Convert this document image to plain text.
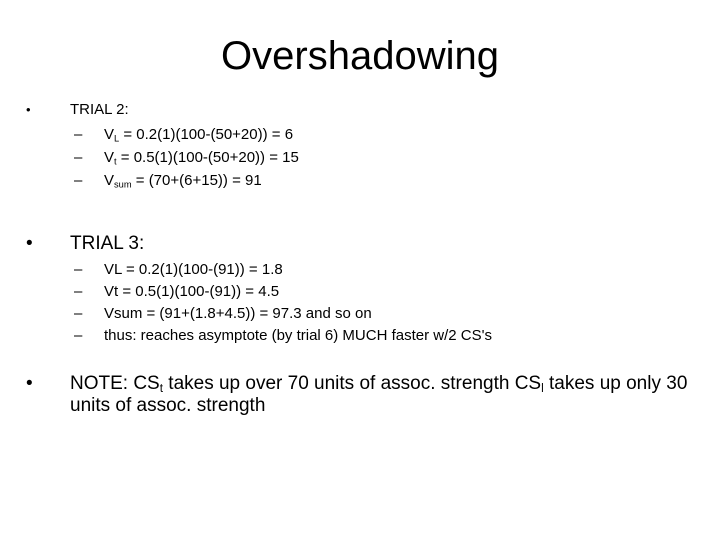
Overshadowing
•	TRIAL 2:
– $V_L = 0.2(1)(100-(50+20)) = 6$
– $V_t = 0.5(1)(100-(50+20)) = 15$
– $V_{sum} = (70+(6+15)) = 91$
• TRIAL 3:
– VL = 0.2(1)(100-(91)) = 1.8
– Vt = 0.5(1)(100-(91)) = 4.5
– Vsum = (91+(1.8+4.5)) = 97.3 and so on
– thus: reaches asymptote (by trial 6) MUCH faster w/2 CS's
• NOTE: $CS_t$ takes up over 70 units of assoc. strength $CS_l$ takes up only 30 units of assoc. strength
